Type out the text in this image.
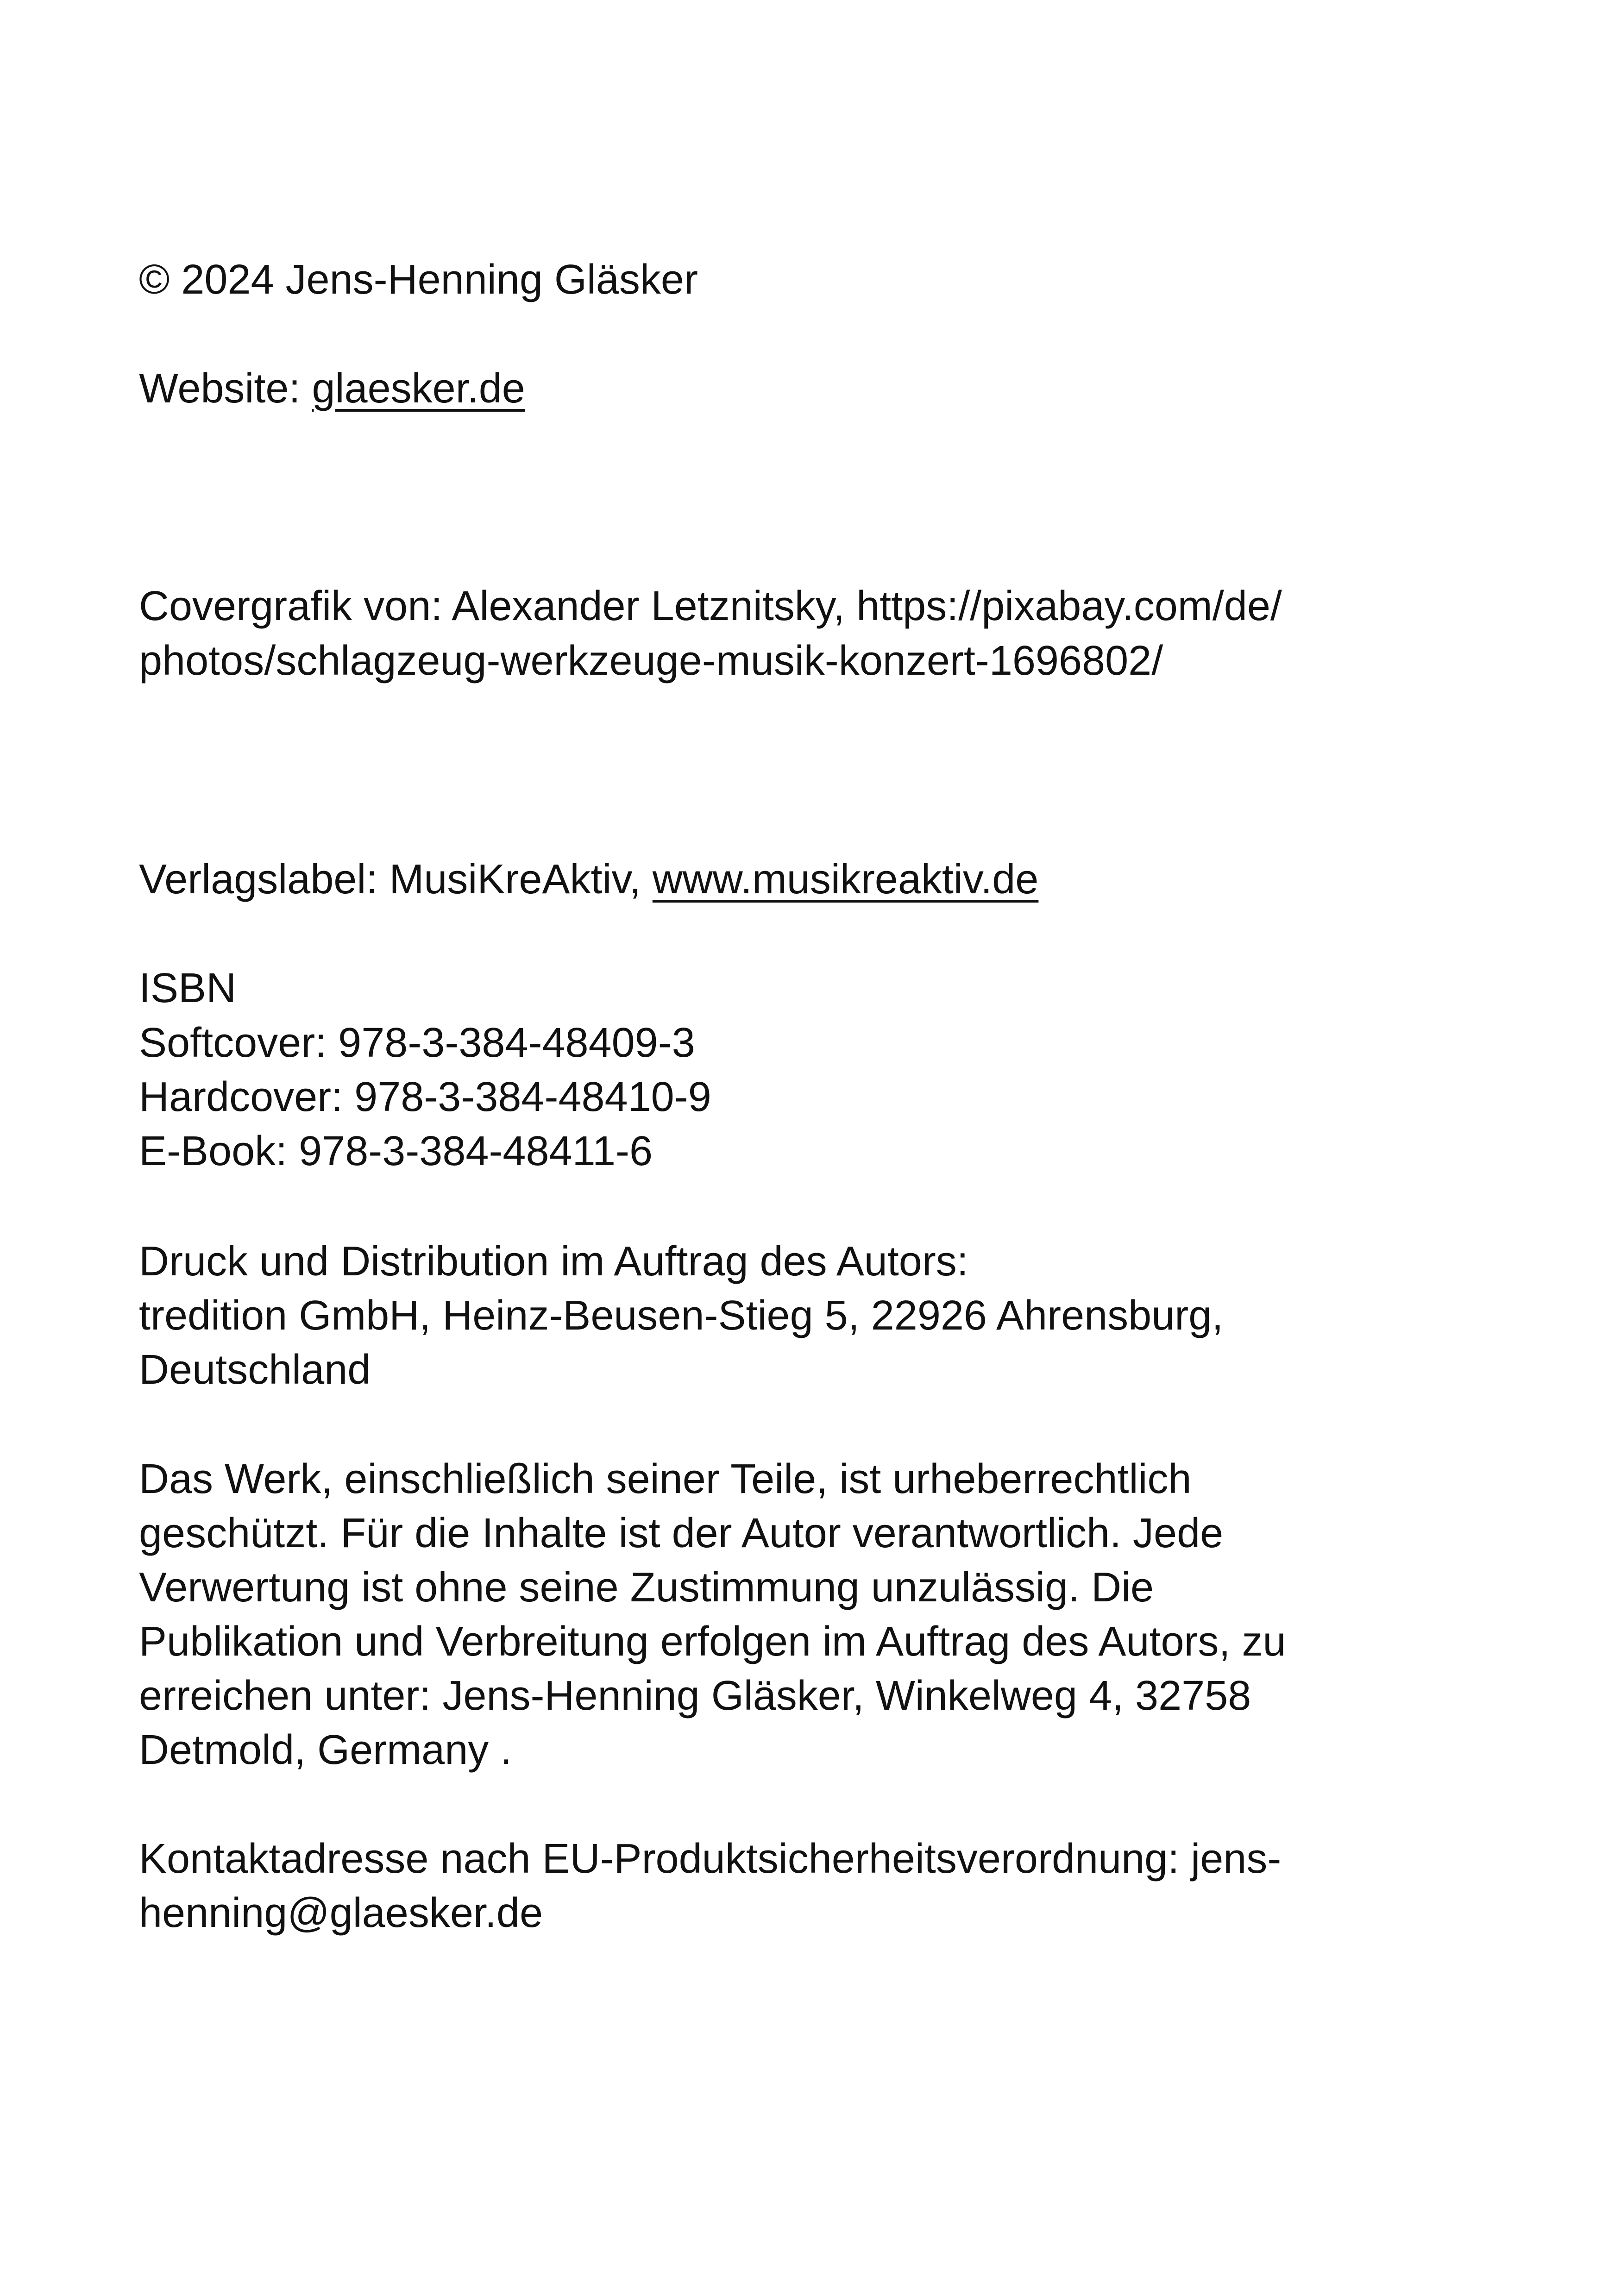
© 2024 Jens-Henning Gläsker
Website: glaesker.de
Covergrafik von: Alexander Letznitsky, https://pixabay.com/de/
photos/schlagzeug-werkzeuge-musik-konzert-1696802/
Verlagslabel: MusiKreAktiv, www.musikreaktiv.de
ISBN
Softcover: 978-3-384-48409-3
Hardcover: 978-3-384-48410-9
E-Book: 978-3-384-48411-6
Druck und Distribution im Auftrag des Autors:
tredition GmbH, Heinz-Beusen-Stieg 5, 22926 Ahrensburg,
Deutschland
Das Werk, einschließlich seiner Teile, ist urheberrechtlich
geschützt. Für die Inhalte ist der Autor verantwortlich. Jede
Verwertung ist ohne seine Zustimmung unzulässig. Die
Publikation und Verbreitung erfolgen im Auftrag des Autors, zu
erreichen unter: Jens-Henning Gläsker, Winkelweg 4, 32758
Detmold, Germany .
Kontaktadresse nach EU-Produktsicherheitsverordnung: jens-
henning@glaesker.de
